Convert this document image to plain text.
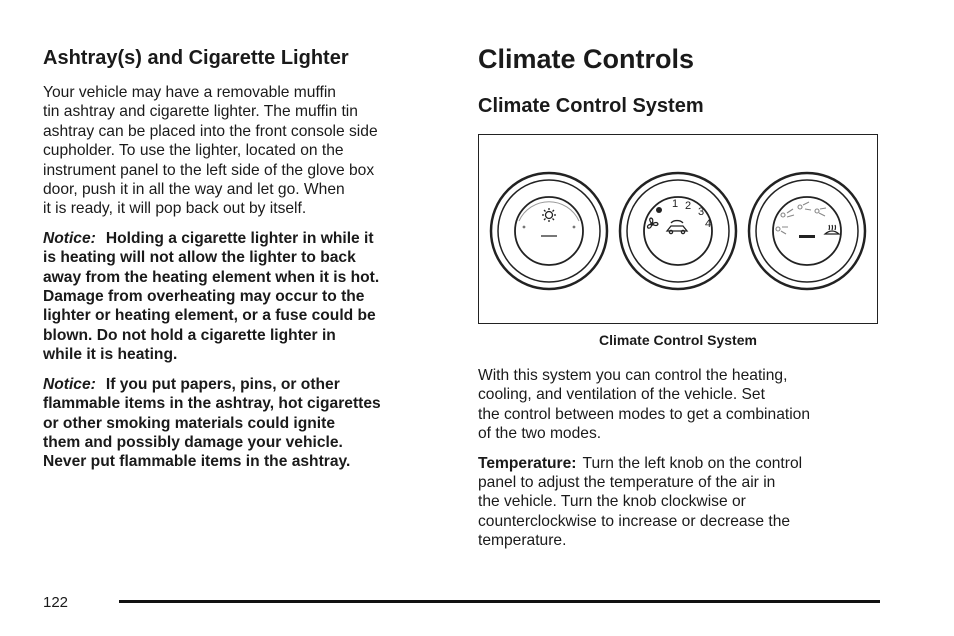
Ashtray(s) and Cigarette Lighter

Your vehicle may have a removable muffin
tin ashtray and cigarette lighter. The muffin tin
ashtray can be placed into the front console side
cupholder. To use the lighter, located on the
instrument panel to the left side of the glove box
door, push it in all the way and let go. When
it is ready, it will pop back out by itself.

Notice: Holding a cigarette lighter in while it
is heating will not allow the lighter to back
away from the heating element when it is hot.
Damage from overheating may occur to the
lighter or heating element, or a fuse could be
blown. Do not hold a cigarette lighter in
while it is heating.

Notice: If you put papers, pins, or other
flammable items in the ashtray, hot cigarettes
or other smoking materials could ignite
them and possibly damage your vehicle.
Never put flammable items in the ashtray.

Climate Controls
Climate Control System
1 2 3
4
Climate Control System

With this system you can control the heating,
cooling, and ventilation of the vehicle. Set
the control between modes to get a combination
of the two modes.

Temperature: Turn the left knob on the control
panel to adjust the temperature of the air in
the vehicle. Turn the knob clockwise or
counterclockwise to increase or decrease the
temperature.

122
